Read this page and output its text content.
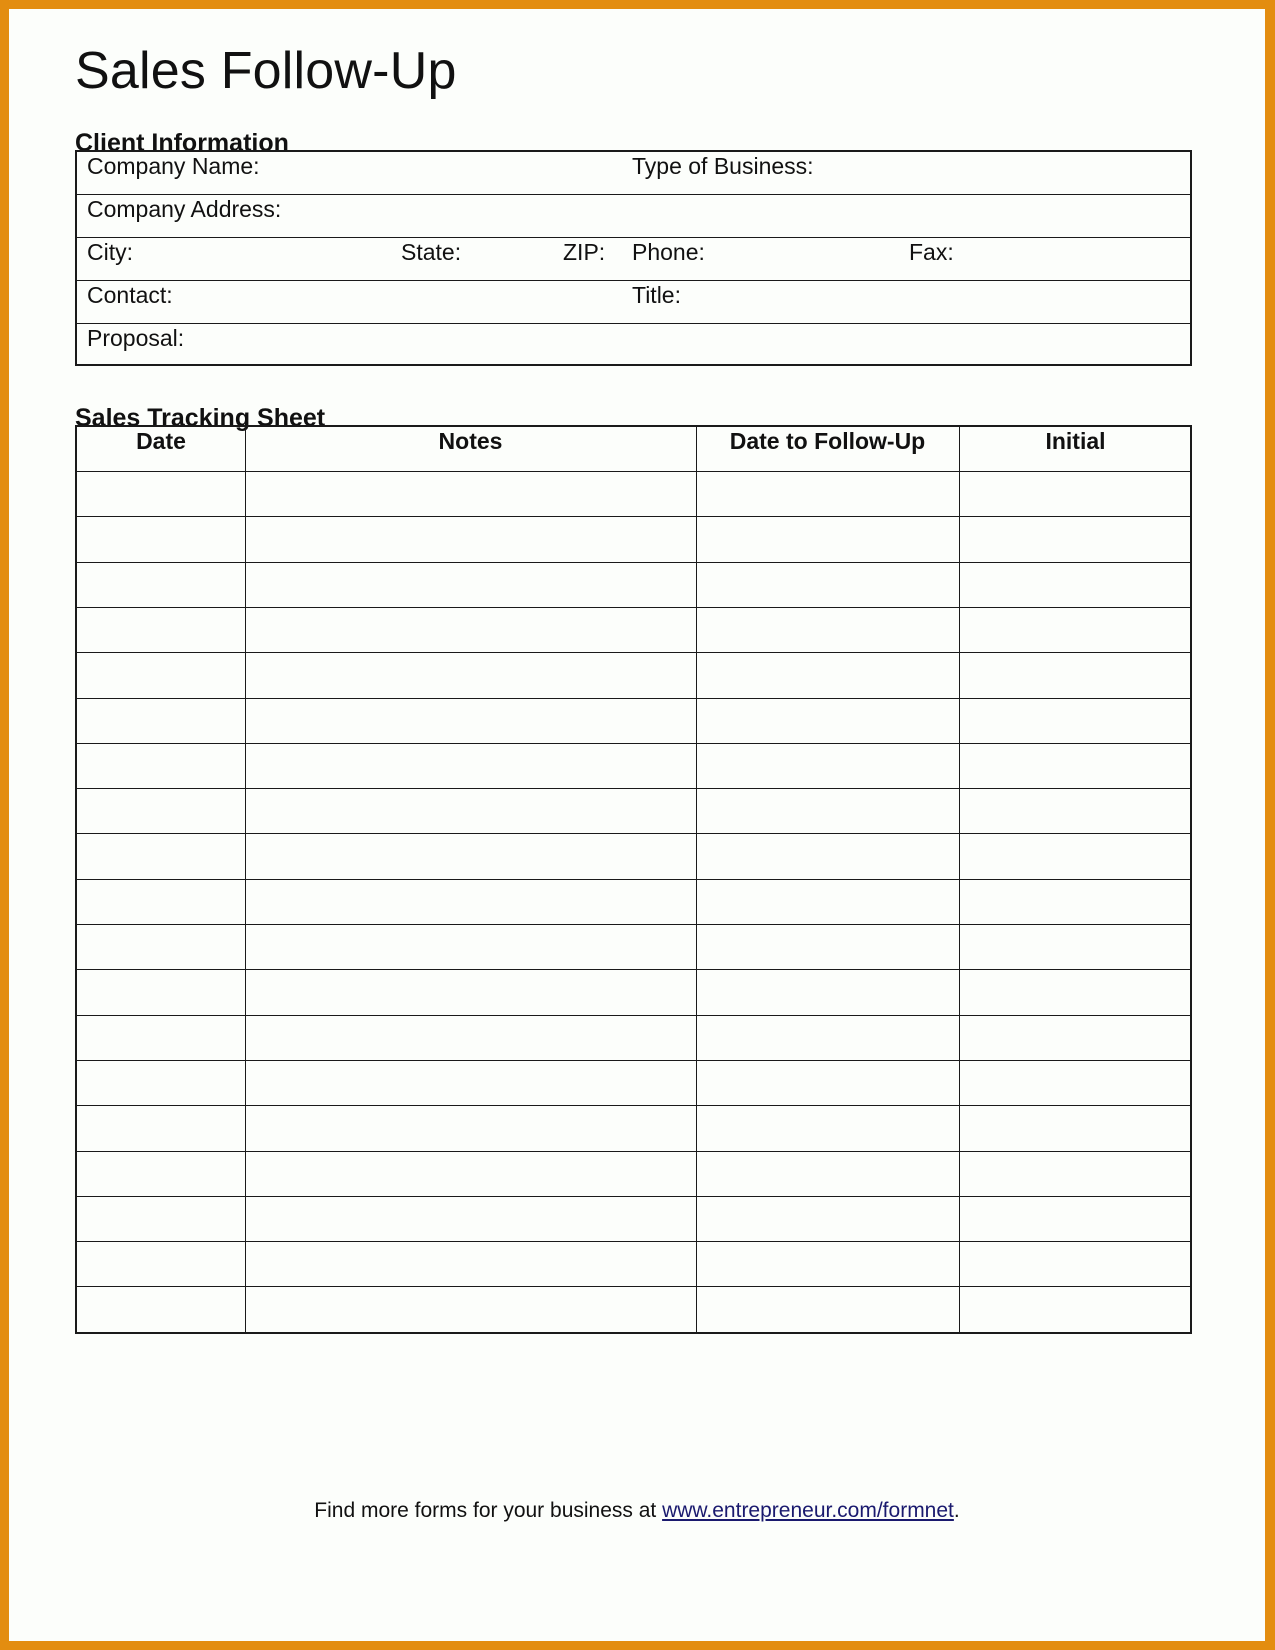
Sales Follow-Up
Client Information
Company Name:	Type of Business:
Company Address:
City:	State:	ZIP: Phone:	Fax:
Contact:	Title:
Proposal:
Sales Tracking Sheet
Date	Notes	Date to Follow-Up	Initial
Find more forms for your business at www.entrepreneur.com/formnet.
